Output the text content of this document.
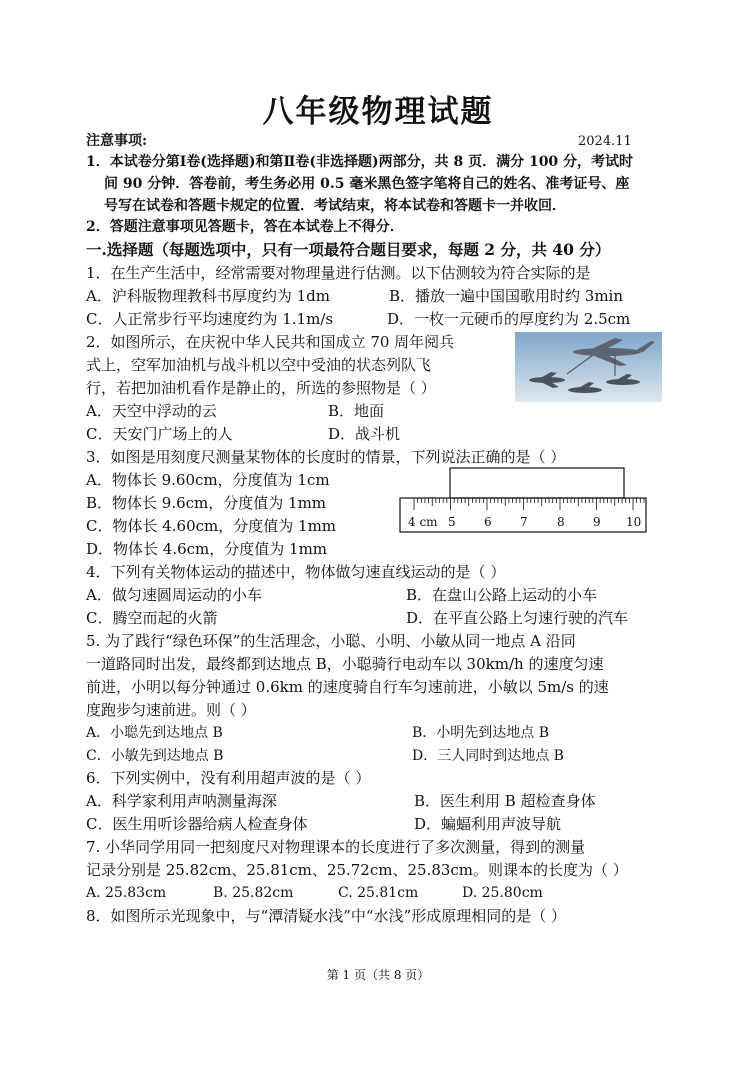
八年级物理试题
注意事项:	2024.11
1．本试卷分第Ⅰ卷(选择题)和第Ⅱ卷(非选择题)两部分，共 8 页．满分 100 分，考试时
间 90 分钟．答卷前，考生务必用 0.5 毫米黑色签字笔将自己的姓名、准考证号、座
号写在试卷和答题卡规定的位置．考试结束，将本试卷和答题卡一并收回．
2．答题注意事项见答题卡，答在本试卷上不得分．
一.选择题（每题选项中，只有一项最符合题目要求，每题 2 分，共 40 分）
1．在生产生活中，经常需要对物理量进行估测。以下估测较为符合实际的是
A．沪科版物理教科书厚度约为 1dm	B．播放一遍中国国歌用时约 3min
C．人正常步行平均速度约为 1.1m/s	D．一枚一元硬币的厚度约为 2.5cm
2．如图所示，在庆祝中华人民共和国成立 70 周年阅兵
式上，空军加油机与战斗机以空中受油的状态列队飞
行，若把加油机看作是静止的，所选的参照物是（ ）
A．天空中浮动的云	B．地面
C．天安门广场上的人	D．战斗机
3．如图是用刻度尺测量某物体的长度时的情景，下列说法正确的是（ ）
A．物体长 9.60cm，分度值为 1cm
B．物体长 9.6cm，分度值为 1mm
C．物体长 4.60cm，分度值为 1mm
D．物体长 4.6cm，分度值为 1mm
4 cm 5 6 7 8 9 10
4．下列有关物体运动的描述中，物体做匀速直线运动的是（ ）
A．做匀速圆周运动的小车	B．在盘山公路上运动的小车
C．腾空而起的火箭	D．在平直公路上匀速行驶的汽车
5. 为了践行“绿色环保”的生活理念，小聪、小明、小敏从同一地点 A 沿同
一道路同时出发，最终都到达地点 B，小聪骑行电动车以 30km/h 的速度匀速
前进，小明以每分钟通过 0.6km 的速度骑自行车匀速前进，小敏以 5m/s 的速
度跑步匀速前进。则（ ）
A．小聪先到达地点 B	B．小明先到达地点 B
C．小敏先到达地点 B	D．三人同时到达地点 B
6．下列实例中，没有利用超声波的是（ ）
A．科学家利用声呐测量海深	B．医生利用 B 超检查身体
C．医生用听诊器给病人检查身体	D．蝙蝠利用声波导航
7. 小华同学用同一把刻度尺对物理课本的长度进行了多次测量，得到的测量
记录分别是 25.82cm、25.81cm、25.72cm、25.83cm。则课本的长度为（ ）
A. 25.83cm	B. 25.82cm	C. 25.81cm	D. 25.80cm
8．如图所示光现象中，与“潭清疑水浅”中“水浅”形成原理相同的是（ ）
第 1 页（共 8 页）
